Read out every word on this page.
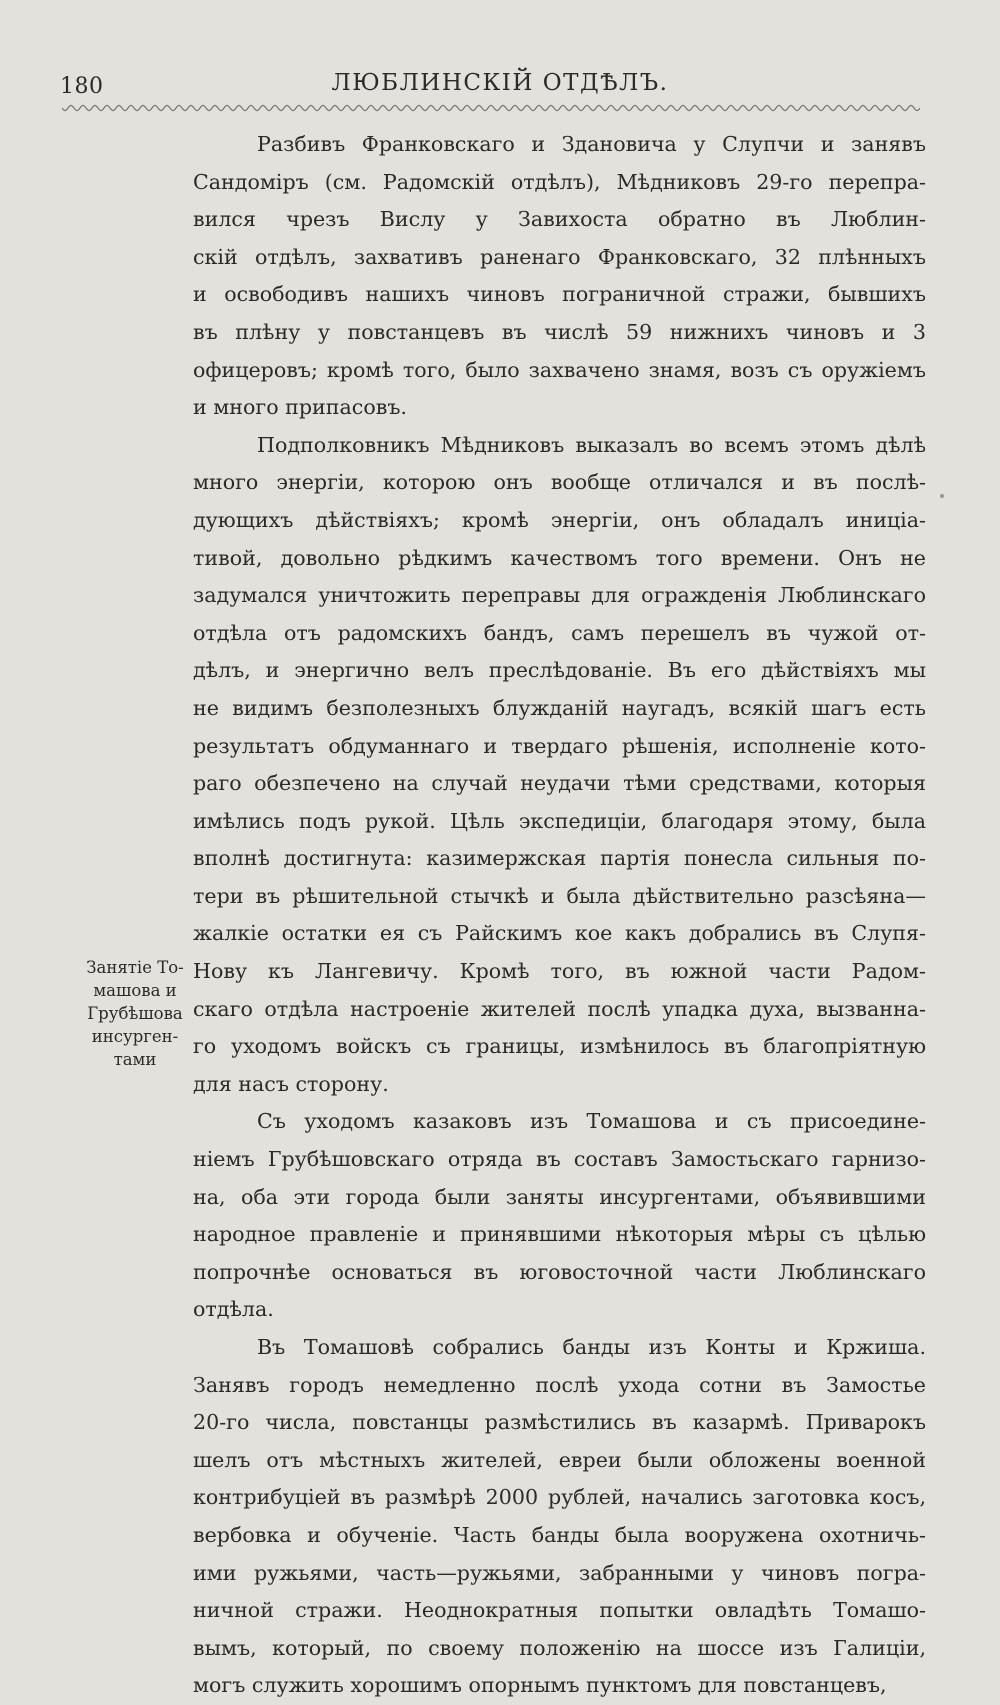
180	ЛЮБЛИНСКІЙ ОТДѢЛЪ.
Занятіе То-
машова и
Грубѣшова
инсурген-
тами
Разбивъ Франковскаго и Здановича у Слупчи и занявъ
Сандоміръ (см. Радомскій отдѣлъ), Мѣдниковъ 29-го перепра-
вился чрезъ Вислу у Завихоста обратно въ Люблин-
скій отдѣлъ, захвативъ раненаго Франковскаго, 32 плѣнныхъ
и освободивъ нашихъ чиновъ пограничной стражи, бывшихъ
въ плѣну у повстанцевъ въ числѣ 59 нижнихъ чиновъ и 3
офицеровъ; кромѣ того, было захвачено знамя, возъ съ оружіемъ
и много припасовъ.
Подполковникъ Мѣдниковъ выказалъ во всемъ этомъ дѣлѣ
много энергіи, которою онъ вообще отличался и въ послѣ-
дующихъ дѣйствіяхъ; кромѣ энергіи, онъ обладалъ иниціа-
тивой, довольно рѣдкимъ качествомъ того времени. Онъ не
задумался уничтожить переправы для огражденія Люблинскаго
отдѣла отъ радомскихъ бандъ, самъ перешелъ въ чужой от-
дѣлъ, и энергично велъ преслѣдованіе. Въ его дѣйствіяхъ мы
не видимъ безполезныхъ блужданій наугадъ, всякій шагъ есть
результатъ обдуманнаго и твердаго рѣшенія, исполненіе кото-
раго обезпечено на случай неудачи тѣми средствами, которыя
имѣлись подъ рукой. Цѣль экспедиціи, благодаря этому, была
вполнѣ достигнута: казимержская партія понесла сильныя по-
тери въ рѣшительной стычкѣ и была дѣйствительно разсѣяна—
жалкіе остатки ея съ Райскимъ кое какъ добрались въ Слупя-
Нову къ Лангевичу. Кромѣ того, въ южной части Радом-
скаго отдѣла настроеніе жителей послѣ упадка духа, вызванна-
го уходомъ войскъ съ границы, измѣнилось въ благопріятную
для насъ сторону.
Съ уходомъ казаковъ изъ Томашова и съ присоедине-
ніемъ Грубѣшовскаго отряда въ составъ Замостьскаго гарнизо-
на, оба эти города были заняты инсургентами, объявившими
народное правленіе и принявшими нѣкоторыя мѣры съ цѣлью
попрочнѣе основаться въ юговосточной части Люблинскаго
отдѣла.
Въ Томашовѣ собрались банды изъ Конты и Кржиша.
Занявъ городъ немедленно послѣ ухода сотни въ Замостье
20-го числа, повстанцы размѣстились въ казармѣ. Приварокъ
шелъ отъ мѣстныхъ жителей, евреи были обложены военной
контрибуціей въ размѣрѣ 2000 рублей, начались заготовка косъ,
вербовка и обученіе. Часть банды была вооружена охотничь-
ими ружьями, часть—ружьями, забранными у чиновъ погра-
ничной стражи. Неоднократныя попытки овладѣть Томашо-
вымъ, который, по своему положенію на шоссе изъ Галиціи,
могъ служить хорошимъ опорнымъ пунктомъ для повстанцевъ,
